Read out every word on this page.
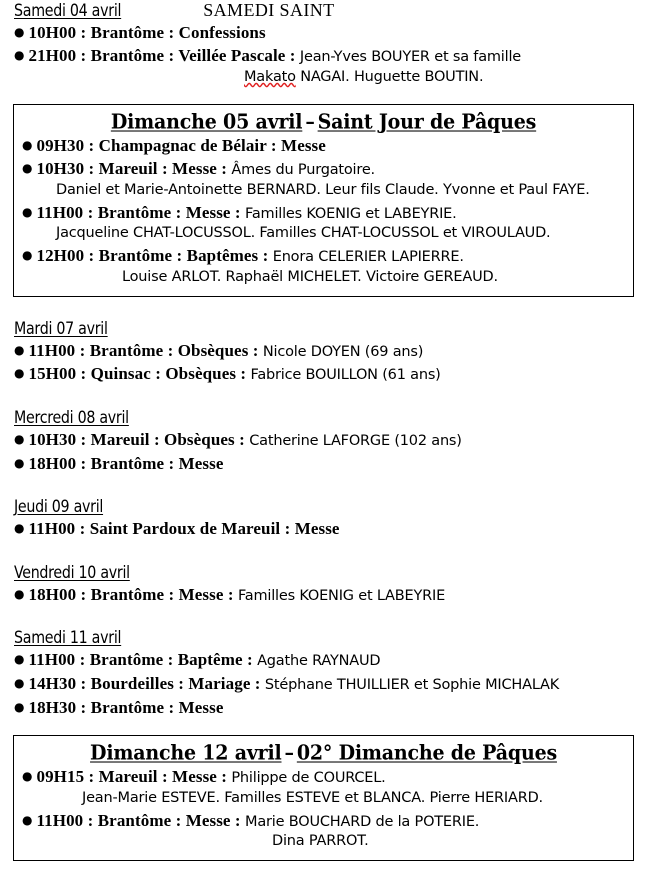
Samedi 04 avril	SAMEDI SAINT
● 10H00 : Brantôme : Confessions
● 21H00 : Brantôme : Veillée Pascale : Jean-Yves BOUYER et sa famille
Makato NAGAI. Huguette BOUTIN.
Dimanche 05 avril – Saint Jour de Pâques
● 09H30 : Champagnac de Bélair : Messe
● 10H30 : Mareuil : Messe : Âmes du Purgatoire.
Daniel et Marie-Antoinette BERNARD. Leur fils Claude. Yvonne et Paul FAYE.
● 11H00 : Brantôme : Messe : Familles KOENIG et LABEYRIE.
Jacqueline CHAT-LOCUSSOL. Familles CHAT-LOCUSSOL et VIROULAUD.
● 12H00 : Brantôme : Baptêmes : Enora CELERIER LAPIERRE.
Louise ARLOT. Raphaël MICHELET. Victoire GEREAUD.
Mardi 07 avril
● 11H00 : Brantôme : Obsèques : Nicole DOYEN (69 ans)
● 15H00 : Quinsac : Obsèques : Fabrice BOUILLON (61 ans)
Mercredi 08 avril
● 10H30 : Mareuil : Obsèques : Catherine LAFORGE (102 ans)
● 18H00 : Brantôme : Messe
Jeudi 09 avril
● 11H00 : Saint Pardoux de Mareuil : Messe
Vendredi 10 avril
● 18H00 : Brantôme : Messe : Familles KOENIG et LABEYRIE
Samedi 11 avril
● 11H00 : Brantôme : Baptême : Agathe RAYNAUD
● 14H30 : Bourdeilles : Mariage : Stéphane THUILLIER et Sophie MICHALAK
● 18H30 : Brantôme : Messe
Dimanche 12 avril – 02° Dimanche de Pâques
● 09H15 : Mareuil : Messe : Philippe de COURCEL.
Jean-Marie ESTEVE. Familles ESTEVE et BLANCA. Pierre HERIARD.
● 11H00 : Brantôme : Messe : Marie BOUCHARD de la POTERIE.
Dina PARROT.
